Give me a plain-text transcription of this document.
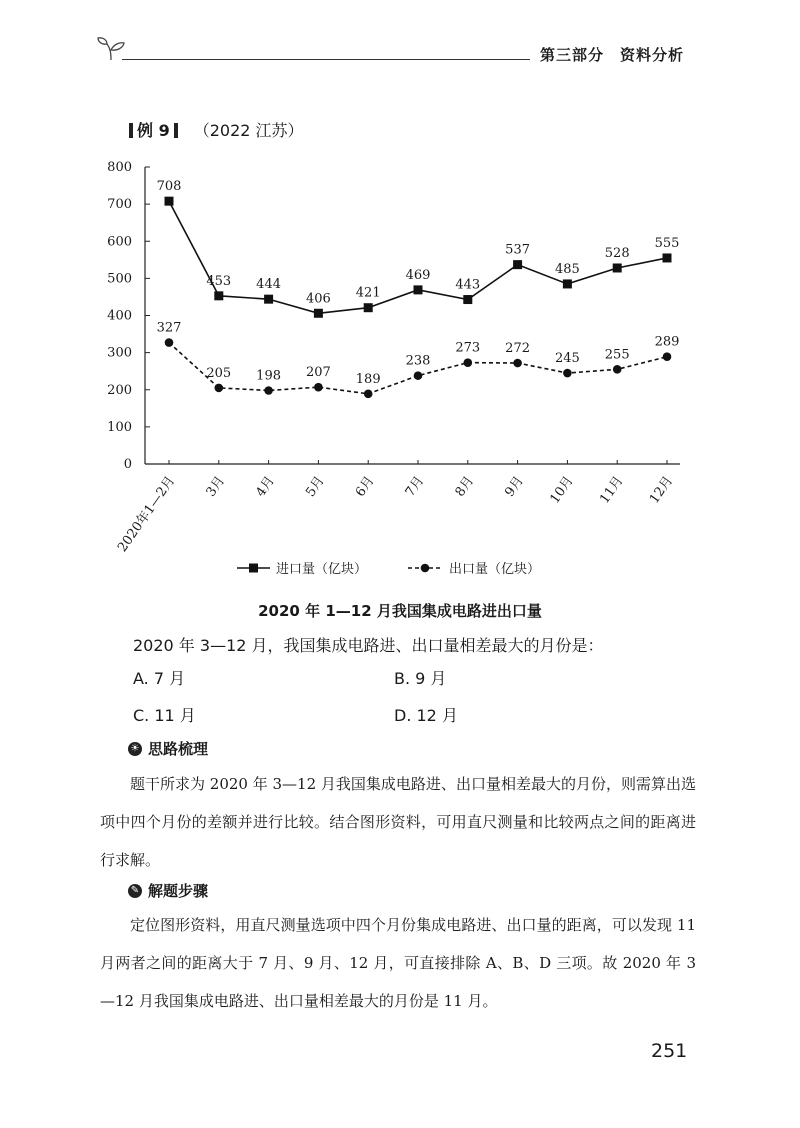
第三部分　资料分析
例 9 （2022 江苏）
0
100
200
300
400
500
600
700
800
2020年1—2月 3月 4月 5月 6月 7月 8月 9月 10月 11月 12月
708
453 444
406 421
469
443
537
485
528
555
327
205 198 207 189
238
273 272
245 255
289
进口量（亿块）	出口量（亿块）
2020 年 1—12 月我国集成电路进出口量
2020 年 3—12 月，我国集成电路进、出口量相差最大的月份是：
A. 7 月	B. 9 月
C. 11 月	D. 12 月
☀ 思路梳理
题干所求为 2020 年 3—12 月我国集成电路进、出口量相差最大的月份，则需算出选项中四个月份的差额并进行比较。结合图形资料，可用直尺测量和比较两点之间的距离进行求解。
✎ 解题步骤
定位图形资料，用直尺测量选项中四个月份集成电路进、出口量的距离，可以发现 11 月两者之间的距离大于 7 月、9 月、12 月，可直接排除 A、B、D 三项。故 2020 年 3—12 月我国集成电路进、出口量相差最大的月份是 11 月。
251
